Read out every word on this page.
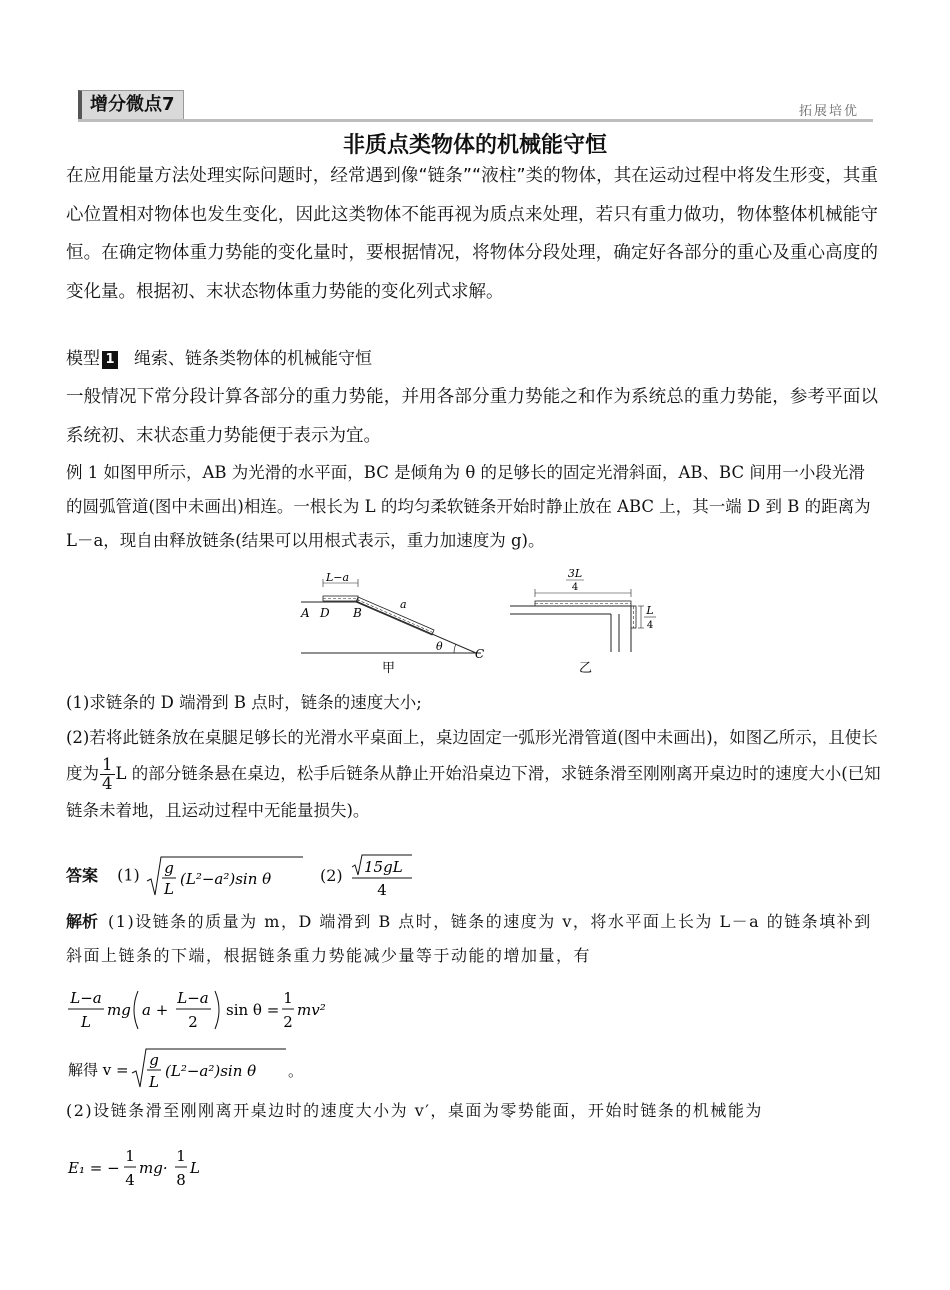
增分微点7	拓展培优
非质点类物体的机械能守恒
在应用能量方法处理实际问题时，经常遇到像“链条”“液柱”类的物体，其在运动过程中将发生形变，其重心位置相对物体也发生变化，因此这类物体不能再视为质点来处理，若只有重力做功，物体整体机械能守恒。在确定物体重力势能的变化量时，要根据情况，将物体分段处理，确定好各部分的重心及重心高度的变化量。根据初、末状态物体重力势能的变化列式求解。
模型 1 绳索、链条类物体的机械能守恒
一般情况下常分段计算各部分的重力势能，并用各部分重力势能之和作为系统总的重力势能，参考平面以系统初、末状态重力势能便于表示为宜。
例 1 如图甲所示，AB 为光滑的水平面，BC 是倾角为 θ 的足够长的固定光滑斜面，AB、BC 间用一小段光滑的圆弧管道(图中未画出)相连。一根长为 L 的均匀柔软链条开始时静止放在 ABC 上，其一端 D 到 B 的距离为 L－a，现自由释放链条(结果可以用根式表示，重力加速度为 g)。
L−a
a
A D B
C
θ
甲
3L
4
L
4
乙
(1)求链条的 D 端滑到 B 点时，链条的速度大小;
(2)若将此链条放在桌腿足够长的光滑水平桌面上，桌边固定一弧形光滑管道(图中未画出)，如图乙所示，且使长度为 $\frac{1}{4}$ L 的部分链条悬在桌边，松手后链条从静止开始沿桌边下滑，求链条滑至刚刚离开桌边时的速度大小(已知链条未着地，且运动过程中无能量损失)。
答案 (1) g
L
(L²−a²)sin θ	(2) 15gL
4
解析 (1)设链条的质量为 m，D 端滑到 B 点时，链条的速度为 v，将水平面上长为 L－a 的链条填补到斜面上链条的下端，根据链条重力势能减少量等于动能的增加量，有
L−a
L
mg a +
L−a
2
sin θ =
1
2
mv²
解得 v =
g
L
(L²−a²)sin θ 。
(2)设链条滑至刚刚离开桌边时的速度大小为 v′，桌面为零势能面，开始时链条的机械能为
E₁ = −
1
4
mg·
1
8
L
